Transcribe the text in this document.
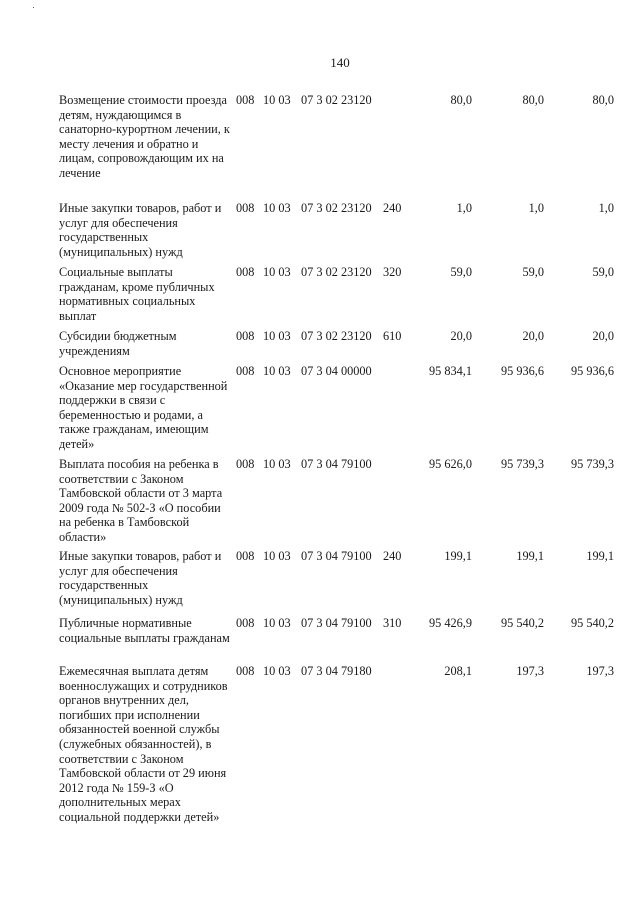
140
Возмещение стоимости проезда детям, нуждающимся в санаторно-курортном лечении, к месту лечения и обратно и лицам, сопровождающим их на лечение
008 10 03 07 3 02 23120	80,0	80,0	80,0
Иные закупки товаров, работ и услуг для обеспечения государственных (муниципальных) нужд
008 10 03 07 3 02 23120 240	1,0	1,0	1,0
Социальные выплаты гражданам, кроме публичных нормативных социальных выплат
008 10 03 07 3 02 23120 320	59,0	59,0	59,0
Субсидии бюджетным учреждениям
008 10 03 07 3 02 23120 610	20,0	20,0	20,0
Основное мероприятие «Оказание мер государственной поддержки в связи с беременностью и родами, а также гражданам, имеющим детей»
008 10 03 07 3 04 00000	95 834,1	95 936,6	95 936,6
Выплата пособия на ребенка в соответствии с Законом Тамбовской области от 3 марта 2009 года № 502-З «О пособии на ребенка в Тамбовской области»
008 10 03 07 3 04 79100	95 626,0	95 739,3	95 739,3
Иные закупки товаров, работ и услуг для обеспечения государственных (муниципальных) нужд
008 10 03 07 3 04 79100 240	199,1	199,1	199,1
Публичные нормативные социальные выплаты гражданам
008 10 03 07 3 04 79100 310	95 426,9	95 540,2	95 540,2
Ежемесячная выплата детям военнослужащих и сотрудников органов внутренних дел, погибших при исполнении обязанностей военной службы (служебных обязанностей), в соответствии с Законом Тамбовской области от 29 июня 2012 года № 159-З «О дополнительных мерах социальной поддержки детей»
008 10 03 07 3 04 79180	208,1	197,3	197,3
